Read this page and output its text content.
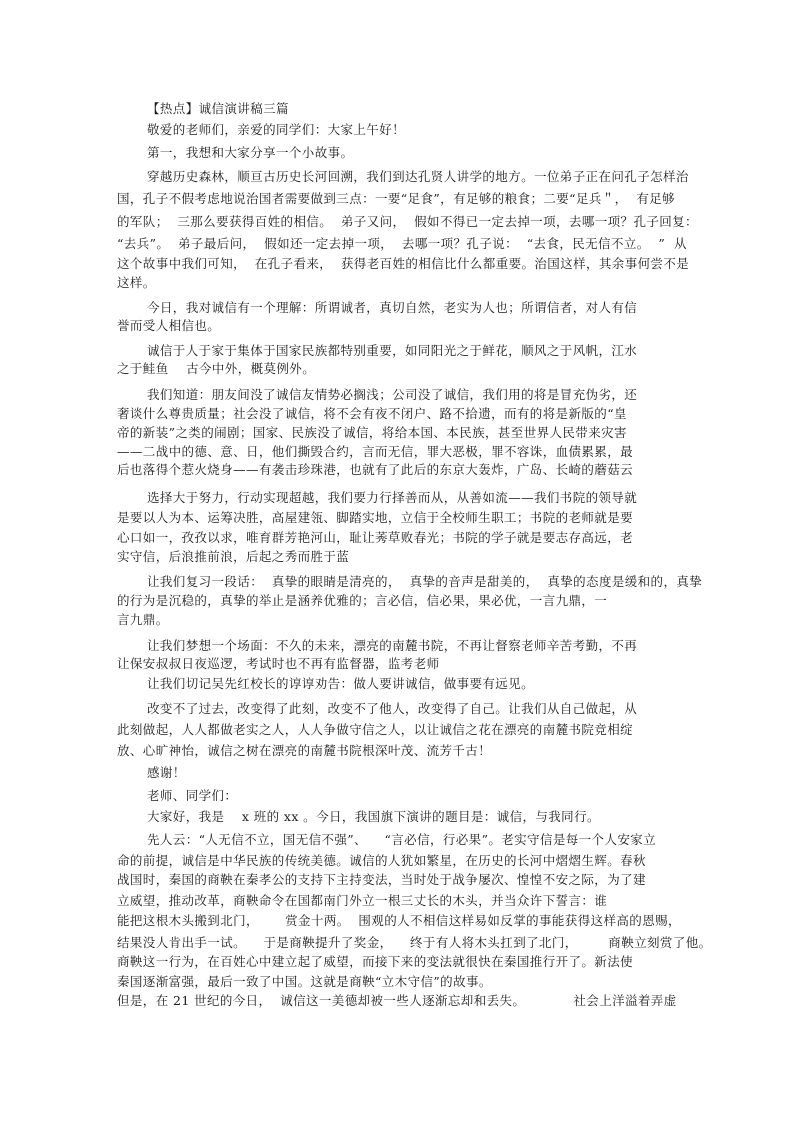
【热点】诚信演讲稿三篇
敬爱的老师们，亲爱的同学们：大家上午好！
第一，我想和大家分享一个小故事。
穿越历史森林，顺亘古历史长河回溯，我们到达孔贤人讲学的地方。一位弟子正在问孔子怎样治
国，孔子不假考虑地说治国者需要做到三点：一要“足食”，有足够的粮食；二要“足兵＂，  有足够
的军队；  三那么要获得百姓的相信。  弟子又问，  假如不得已一定去掉一项，去哪一项？孔子回复：
“去兵”。  弟子最后问，  假如还一定去掉一项，  去哪一项？孔子说：  “去食，民无信不立。  ”  从
这个故事中我们可知，  在孔子看来，  获得老百姓的相信比什么都重要。治国这样，其余事何尝不是
这样。
今日，我对诚信有一个理解：所谓诚者，真切自然，老实为人也；所谓信者，对人有信
誉而受人相信也。
诚信于人于家于集体于国家民族都特别重要，如同阳光之于鲜花，顺风之于风帆，江水
之于鲑鱼    古今中外，概莫例外。
我们知道：朋友间没了诚信友情势必搁浅；公司没了诚信，我们用的将是冒充伪劣，还
奢谈什么尊贵质量；社会没了诚信，将不会有夜不闭户、路不拾遗，而有的将是新版的“皇
帝的新装”之类的闹剧；国家、民族没了诚信，将给本国、本民族，甚至世界人民带来灾害
——二战中的德、意、日，他们撕毁合约，言而无信，罪大恶极，罪不容诛，血债累累，最
后也落得个惹火烧身——有袭击珍珠港，也就有了此后的东京大轰炸，广岛、长崎的蘑菇云
选择大于努力，行动实现超越，我们要力行择善而从，从善如流——我们书院的领导就
是要以人为本、运筹决胜，高屋建瓴、脚踏实地，立信于全校师生职工；书院的老师就是要
心口如一，孜孜以求，唯育群芳艳河山，耻让莠草败春光；书院的学子就是要志存高远，老
实守信，后浪推前浪，后起之秀而胜于蓝
让我们复习一段话：  真挚的眼睛是清亮的，  真挚的音声是甜美的，  真挚的态度是缓和的，真挚
的行为是沉稳的，真挚的举止是涵养优雅的；言必信，信必果，果必优，一言九鼎，一
言九鼎。
让我们梦想一个场面：不久的未来，漂亮的南麓书院，不再让督察老师辛苦考勤，不再
让保安叔叔日夜巡逻，考试时也不再有监督器，监考老师
让我们切记吴先红校长的谆谆劝告：做人要讲诚信，做事要有远见。
改变不了过去，改变得了此刻，改变不了他人，改变得了自己。让我们从自己做起，从
此刻做起，人人都做老实之人，人人争做守信之人，以让诚信之花在漂亮的南麓书院竞相绽
放、心旷神怡，诚信之树在漂亮的南麓书院根深叶茂、流芳千古！
感谢！
老师、同学们：
大家好，我是    x 班的 xx 。今日，我国旗下演讲的题目是：诚信，与我同行。
先人云：“人无信不立，国无信不强”、    “言必信，行必果”。老实守信是每一个人安家立
命的前提，诚信是中华民族的传统美德。诚信的人犹如繁星，在历史的长河中熠熠生辉。春秋
战国时，秦国的商鞅在秦孝公的支持下主持变法，当时处于战争屡次、惶惶不安之际，为了建
立威望，推动改革，商鞅命令在国都南门外立一根三丈长的木头，并当众许下誓言：谁
能把这根木头搬到北门，      赏金十两。  围观的人不相信这样易如反掌的事能获得这样高的恩赐，
结果没人肯出手一试。    于是商鞅提升了奖金，    终于有人将木头扛到了北门，       商鞅立刻赏了他。
商鞅这一行为，在百姓心中建立起了威望，而接下来的变法就很快在秦国推行开了。新法使
秦国逐渐富强，最后一致了中国。这就是商鞅“立木守信”的故事。
但是，在 21 世纪的今日，  诚信这一美德却被一些人逐渐忘却和丢失。           社会上洋溢着弄虚
